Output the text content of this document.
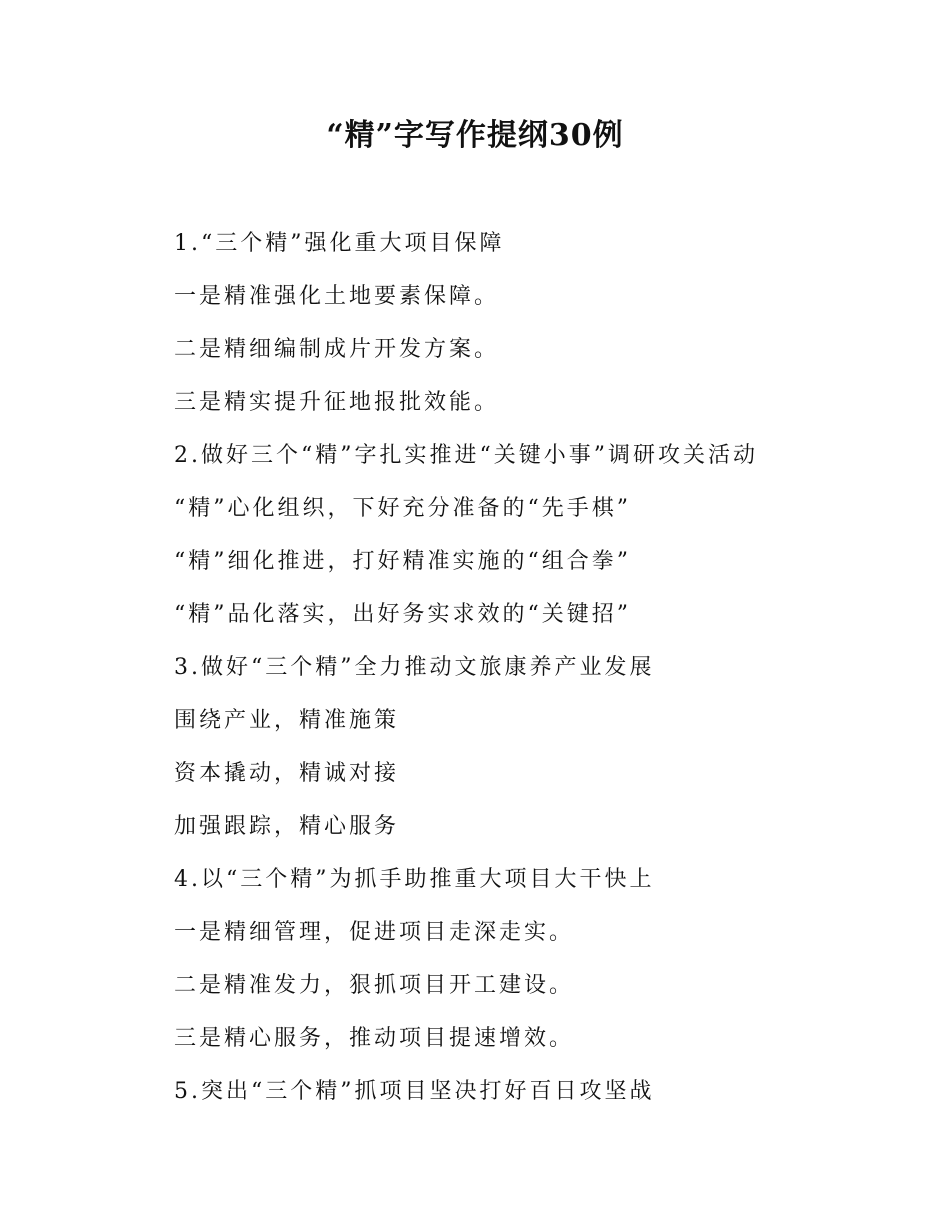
“精”字写作提纲30例
1.“三个精”强化重大项目保障
一是精准强化土地要素保障。
二是精细编制成片开发方案。
三是精实提升征地报批效能。
2.做好三个“精”字扎实推进“关键小事”调研攻关活动
“精”心化组织，下好充分准备的“先手棋”
“精”细化推进，打好精准实施的“组合拳”
“精”品化落实，出好务实求效的“关键招”
3.做好“三个精”全力推动文旅康养产业发展
围绕产业，精准施策
资本撬动，精诚对接
加强跟踪，精心服务
4.以“三个精”为抓手助推重大项目大干快上
一是精细管理，促进项目走深走实。
二是精准发力，狠抓项目开工建设。
三是精心服务，推动项目提速增效。
5.突出“三个精”抓项目坚决打好百日攻坚战
